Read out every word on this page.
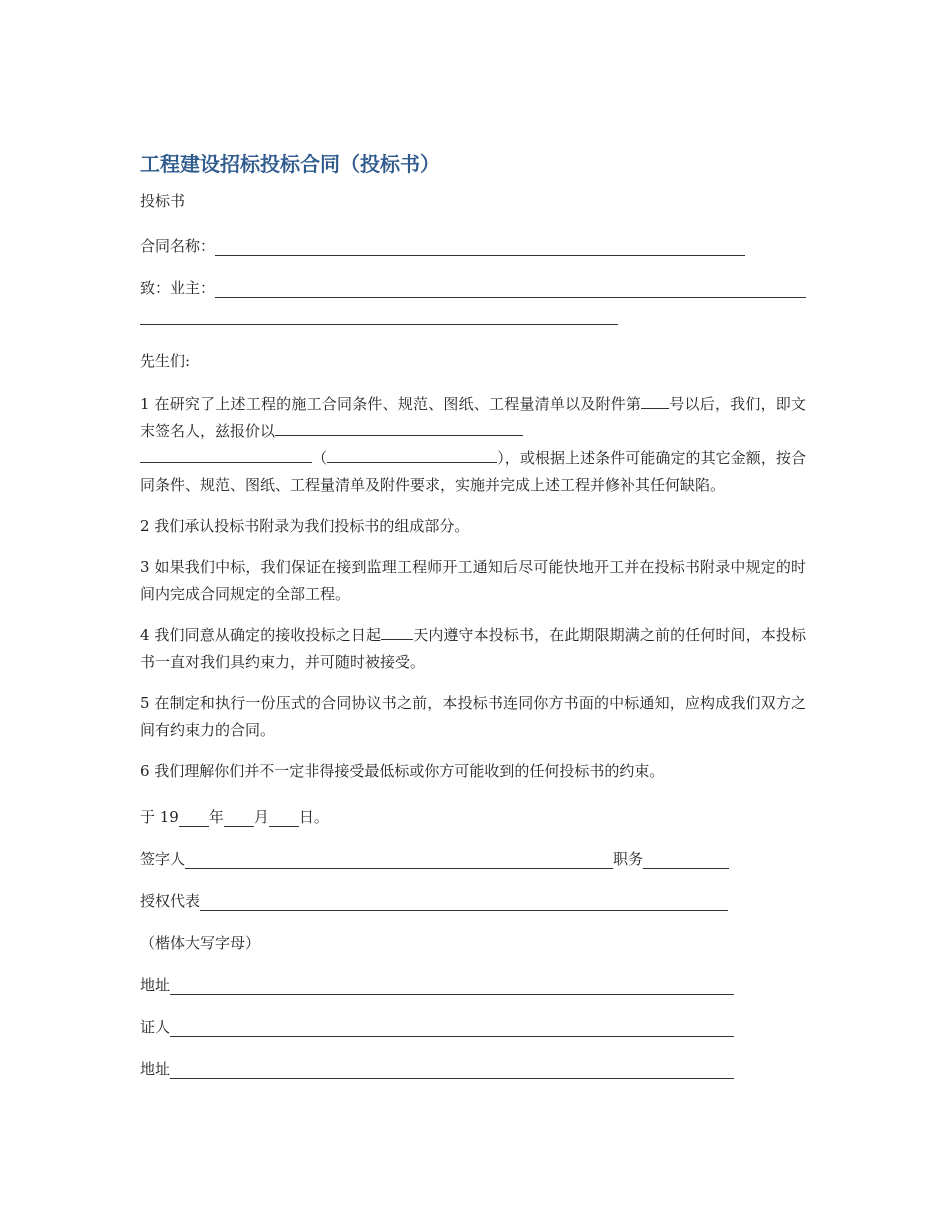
工程建设招标投标合同（投标书）
投标书
合同名称：
致：业主：

先生们:

1 在研究了上述工程的施工合同条件、规范、图纸、工程量清单以及附件第 号以后，我们，即文末签名人，兹报价以
（	），或根据上述条件可能确定的其它金额，按合同条件、规范、图纸、工程量清单及附件要求，实施并完成上述工程并修补其任何缺陷。

2 我们承认投标书附录为我们投标书的组成部分。

3 如果我们中标，我们保证在接到监理工程师开工通知后尽可能快地开工并在投标书附录中规定的时间内完成合同规定的全部工程。

4 我们同意从确定的接收投标之日起 天内遵守本投标书，在此期限期满之前的任何时间，本投标书一直对我们具约束力，并可随时被接受。

5 在制定和执行一份压式的合同协议书之前，本投标书连同你方书面的中标通知，应构成我们双方之间有约束力的合同。

6 我们理解你们并不一定非得接受最低标或你方可能收到的任何投标书的约束。

于 19 年 月 日。
签字人	职务
授权代表
（楷体大写字母）
地址
证人
地址
